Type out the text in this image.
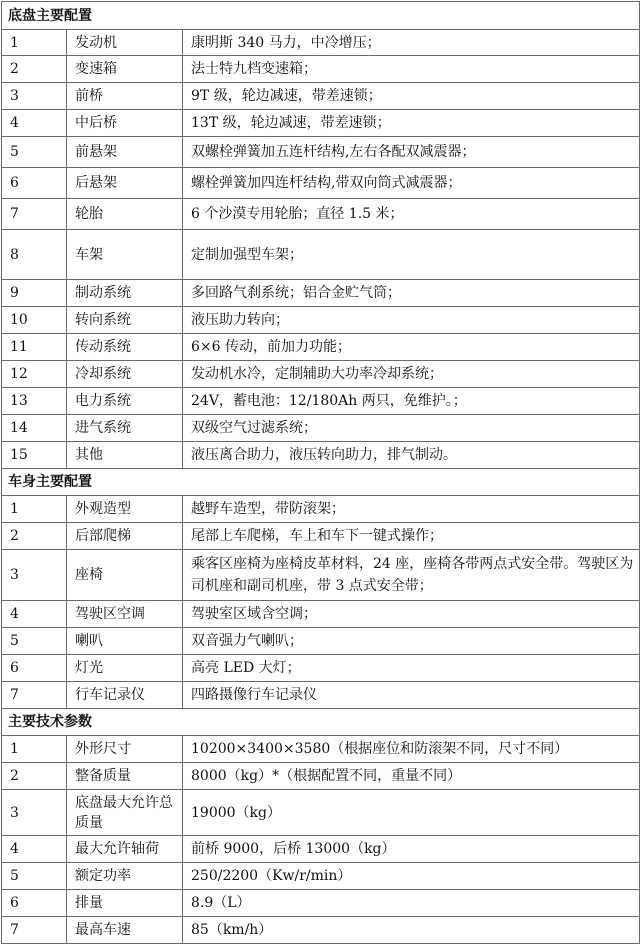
底盘主要配置		
1	发动机	康明斯 340 马力，中冷增压；
2	变速箱	法士特九档变速箱；
3	前桥	9T 级，轮边减速，带差速锁；
4	中后桥	13T 级，轮边减速，带差速锁；
5	前悬架	双螺栓弹簧加五连杆结构,左右各配双减震器；
6	后悬架	螺栓弹簧加四连杆结构,带双向筒式减震器；
7	轮胎	6 个沙漠专用轮胎；直径 1.5 米；
8	车架	定制加强型车架；
9	制动系统	多回路气刹系统；铝合金贮气筒；
10	转向系统	液压助力转向；
11	传动系统	6×6 传动，前加力功能；
12	冷却系统	发动机水冷，定制辅助大功率冷却系统；
13	电力系统	24V，蓄电池：12/180Ah 两只，免维护。；
14	进气系统	双级空气过滤系统；
15	其他	液压离合助力，液压转向助力，排气制动。
车身主要配置		
1	外观造型	越野车造型，带防滚架；
2	后部爬梯	尾部上车爬梯，车上和车下一键式操作；
3	座椅	乘客区座椅为座椅皮革材料，24 座，座椅各带两点式安全带。驾驶区为司机座和副司机座，带 3 点式安全带；
4	驾驶区空调	驾驶室区域含空调；
5	喇叭	双音强力气喇叭；
6	灯光	高亮 LED 大灯；
7	行车记录仪	四路摄像行车记录仪
主要技术参数		
1	外形尺寸	10200×3400×3580（根据座位和防滚架不同，尺寸不同）
2	整备质量	8000（kg）*（根据配置不同，重量不同）
3	底盘最大允许总质量	19000（kg）
4	最大允许轴荷	前桥 9000，后桥 13000（kg）
5	额定功率	250/2200（Kw/r/min）
6	排量	8.9（L）
7	最高车速	85（km/h）
